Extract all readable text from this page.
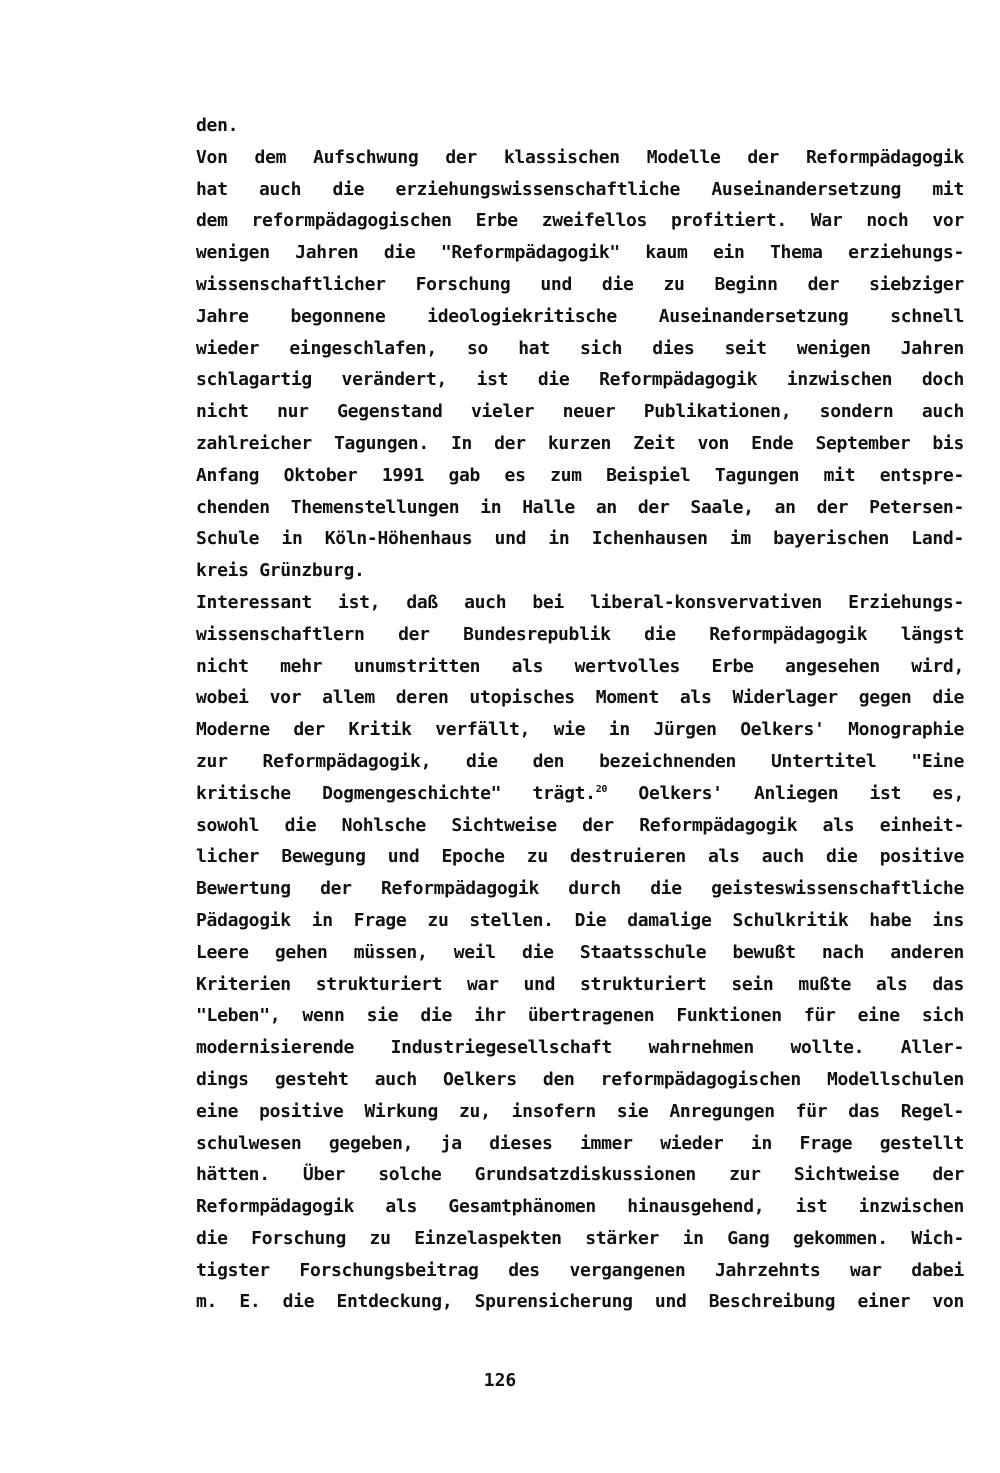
den.
Von dem Aufschwung der klassischen Modelle der Reformpädagogik
hat auch die erziehungswissenschaftliche Auseinandersetzung mit
dem reformpädagogischen Erbe zweifellos profitiert. War noch vor
wenigen Jahren die "Reformpädagogik" kaum ein Thema erziehungs-
wissenschaftlicher Forschung und die zu Beginn der siebziger
Jahre begonnene ideologiekritische Auseinandersetzung schnell
wieder eingeschlafen, so hat sich dies seit wenigen Jahren
schlagartig verändert, ist die Reformpädagogik inzwischen doch
nicht nur Gegenstand vieler neuer Publikationen, sondern auch
zahlreicher Tagungen. In der kurzen Zeit von Ende September bis
Anfang Oktober 1991 gab es zum Beispiel Tagungen mit entspre-
chenden Themenstellungen in Halle an der Saale, an der Petersen-
Schule in Köln-Höhenhaus und in Ichenhausen im bayerischen Land-
kreis Grünzburg.
Interessant ist, daß auch bei liberal-konsvervativen Erziehungs-
wissenschaftlern der Bundesrepublik die Reformpädagogik längst
nicht mehr unumstritten als wertvolles Erbe angesehen wird,
wobei vor allem deren utopisches Moment als Widerlager gegen die
Moderne der Kritik verfällt, wie in Jürgen Oelkers' Monographie
zur Reformpädagogik, die den bezeichnenden Untertitel "Eine
kritische Dogmengeschichte" trägt.$^{20}$ Oelkers' Anliegen ist es,
sowohl die Nohlsche Sichtweise der Reformpädagogik als einheit-
licher Bewegung und Epoche zu destruieren als auch die positive
Bewertung der Reformpädagogik durch die geisteswissenschaftliche
Pädagogik in Frage zu stellen. Die damalige Schulkritik habe ins
Leere gehen müssen, weil die Staatsschule bewußt nach anderen
Kriterien strukturiert war und strukturiert sein mußte als das
"Leben", wenn sie die ihr übertragenen Funktionen für eine sich
modernisierende Industriegesellschaft wahrnehmen wollte. Aller-
dings gesteht auch Oelkers den reformpädagogischen Modellschulen
eine positive Wirkung zu, insofern sie Anregungen für das Regel-
schulwesen gegeben, ja dieses immer wieder in Frage gestellt
hätten. Über solche Grundsatzdiskussionen zur Sichtweise der
Reformpädagogik als Gesamtphänomen hinausgehend, ist inzwischen
die Forschung zu Einzelaspekten stärker in Gang gekommen. Wich-
tigster Forschungsbeitrag des vergangenen Jahrzehnts war dabei
m. E. die Entdeckung, Spurensicherung und Beschreibung einer von
126
